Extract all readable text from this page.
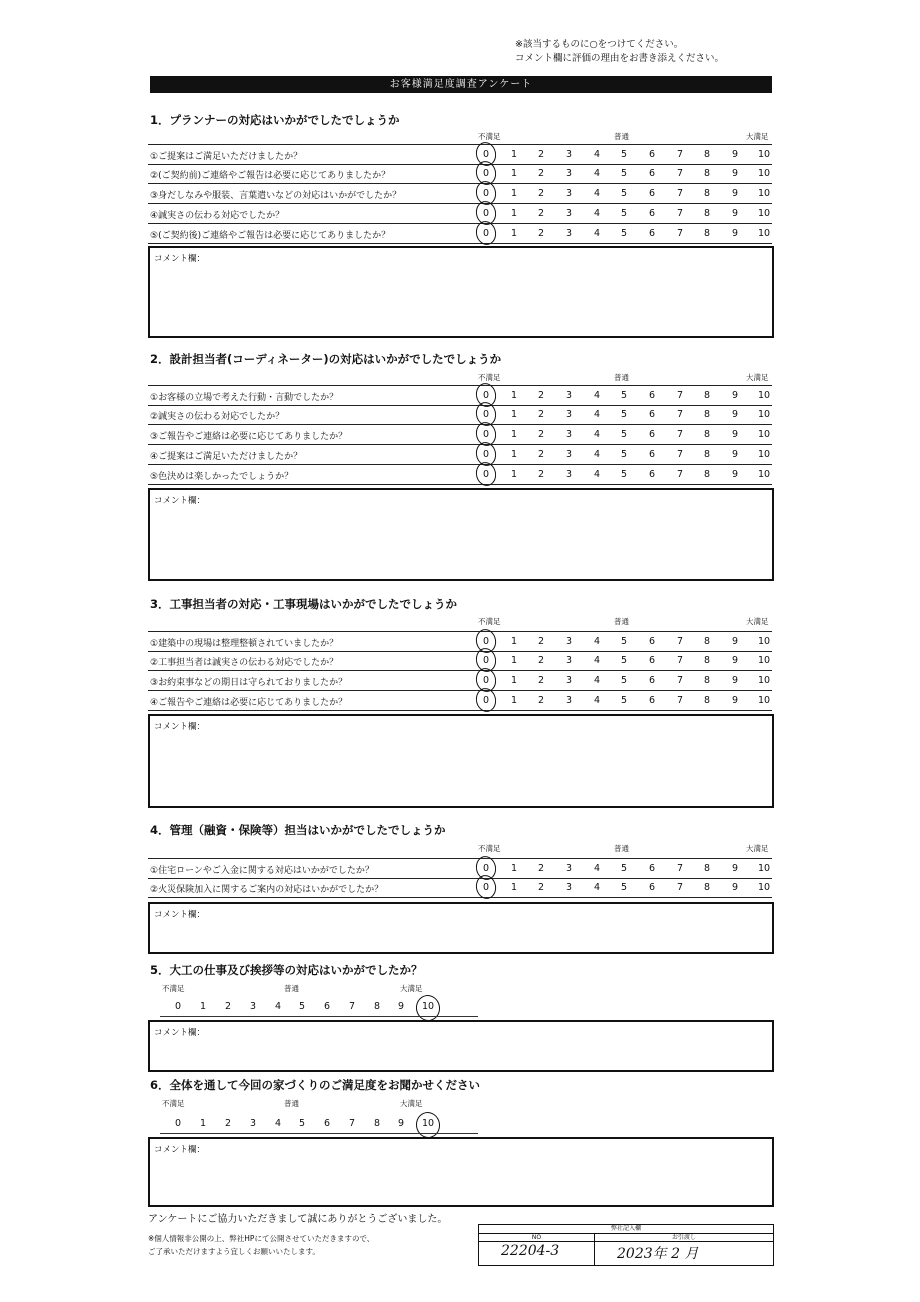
※該当するものに○をつけてください。
コメント欄に評価の理由をお書き添えください。
お客様満足度調査アンケート
5．大工の仕事及び挨拶等の対応はいかがでしたか？
コメント欄：
6．全体を通して今回の家づくりのご満足度をお聞かせください
コメント欄：
アンケートにご協力いただきまして誠にありがとうございました。
※個人情報非公開の上、弊社HPにて公開させていただきますので、
ご了承いただけますよう宜しくお願いいたします。
弊社記入欄
NO	お引渡し
22204-3	2023年 2 月
1．プランナーの対応はいかがでしたでしょうか
不満足	普通	大満足
①ご提案はご満足いただけましたか？	0	1	2	3	4	5	6	7	8	9	10
②(ご契約前)ご連絡やご報告は必要に応じてありましたか？	0	1	2	3	4	5	6	7	8	9	10
③身だしなみや服装、言葉遣いなどの対応はいかがでしたか？	0	1	2	3	4	5	6	7	8	9	10
④誠実さの伝わる対応でしたか？	0	1	2	3	4	5	6	7	8	9	10
⑤(ご契約後)ご連絡やご報告は必要に応じてありましたか？	0	1	2	3	4	5	6	7	8	9	10
コメント欄：
2．設計担当者(コーディネーター)の対応はいかがでしたでしょうか
不満足	普通	大満足
①お客様の立場で考えた行動・言動でしたか？	0	1	2	3	4	5	6	7	8	9	10
②誠実さの伝わる対応でしたか？	0	1	2	3	4	5	6	7	8	9	10
③ご報告やご連絡は必要に応じてありましたか？	0	1	2	3	4	5	6	7	8	9	10
④ご提案はご満足いただけましたか？	0	1	2	3	4	5	6	7	8	9	10
⑤色決めは楽しかったでしょうか？	0	1	2	3	4	5	6	7	8	9	10
コメント欄：
3．工事担当者の対応・工事現場はいかがでしたでしょうか
不満足	普通	大満足
①建築中の現場は整理整頓されていましたか？	0	1	2	3	4	5	6	7	8	9	10
②工事担当者は誠実さの伝わる対応でしたか？	0	1	2	3	4	5	6	7	8	9	10
③お約束事などの期日は守られておりましたか？	0	1	2	3	4	5	6	7	8	9	10
④ご報告やご連絡は必要に応じてありましたか？	0	1	2	3	4	5	6	7	8	9	10
コメント欄：
4．管理（融資・保険等）担当はいかがでしたでしょうか
不満足	普通	大満足
①住宅ローンやご入金に関する対応はいかがでしたか？	0	1	2	3	4	5	6	7	8	9	10
②火災保険加入に関するご案内の対応はいかがでしたか？	0	1	2	3	4	5	6	7	8	9	10
コメント欄：
不満足	普通	大満足
0	1	2	3	4	5	6	7	8	9	10
不満足	普通	大満足
0	1	2	3	4	5	6	7	8	9	10
